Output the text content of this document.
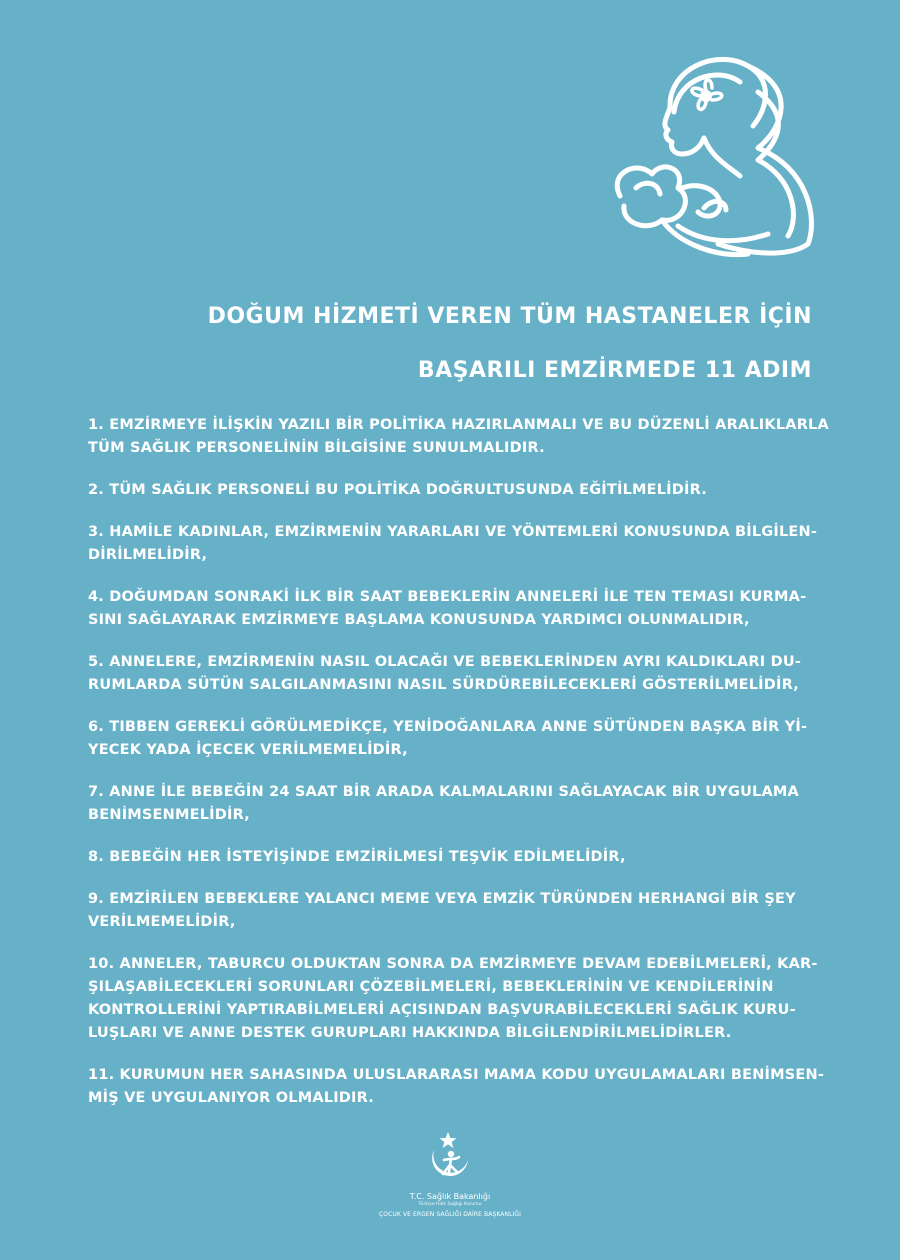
DOĞUM HİZMETİ VEREN TÜM HASTANELER İÇİN
BAŞARILI EMZİRMEDE 11 ADIM
1. EMZİRMEYE İLİŞKİN YAZILI BİR POLİTİKA HAZIRLANMALI VE BU DÜZENLİ ARALIKLARLA
TÜM SAĞLIK PERSONELİNİN BİLGİSİNE SUNULMALIDIR.
2. TÜM SAĞLIK PERSONELİ BU POLİTİKA DOĞRULTUSUNDA EĞİTİLMELİDİR.
3. HAMİLE KADINLAR, EMZİRMENİN YARARLARI VE YÖNTEMLERİ KONUSUNDA BİLGİLEN-
DİRİLMELİDİR,
4. DOĞUMDAN SONRAKİ İLK BİR SAAT BEBEKLERİN ANNELERİ İLE TEN TEMASI KURMA-
SINI SAĞLAYARAK EMZİRMEYE BAŞLAMA KONUSUNDA YARDIMCI OLUNMALIDIR,
5. ANNELERE, EMZİRMENİN NASIL OLACAĞI VE BEBEKLERİNDEN AYRI KALDIKLARI DU-
RUMLARDA SÜTÜN SALGILANMASINI NASIL SÜRDÜREBİLECEKLERİ GÖSTERİLMELİDİR,
6. TIBBEN GEREKLİ GÖRÜLMEDİKÇE, YENİDOĞANLARA ANNE SÜTÜNDEN BAŞKA BİR Yİ-
YECEK YADA İÇECEK VERİLMEMELİDİR,
7. ANNE İLE BEBEĞİN 24 SAAT BİR ARADA KALMALARINI SAĞLAYACAK BİR UYGULAMA
BENİMSENMELİDİR,
8. BEBEĞİN HER İSTEYİŞİNDE EMZİRİLMESİ TEŞVİK EDİLMELİDİR,
9. EMZİRİLEN BEBEKLERE YALANCI MEME VEYA EMZİK TÜRÜNDEN HERHANGİ BİR ŞEY
VERİLMEMELİDİR,
10. ANNELER, TABURCU OLDUKTAN SONRA DA EMZİRMEYE DEVAM EDEBİLMELERİ, KAR-
ŞILAŞABİLECEKLERİ SORUNLARI ÇÖZEBİLMELERİ, BEBEKLERİNİN VE KENDİLERİNİN
KONTROLLERİNİ YAPTIRABİLMELERİ AÇISINDAN BAŞVURABİLECEKLERİ SAĞLIK KURU-
LUŞLARI VE ANNE DESTEK GURUPLARI HAKKINDA BİLGİLENDİRİLMELİDİRLER.
11. KURUMUN HER SAHASINDA ULUSLARARASI MAMA KODU UYGULAMALARI BENİMSEN-
MİŞ VE UYGULANIYOR OLMALIDIR.
T.C. Sağlık Bakanlığı
Türkiye Halk Sağlığı Kurumu
ÇOCUK VE ERGEN SAĞLIĞI DAİRE BAŞKANLIĞI
